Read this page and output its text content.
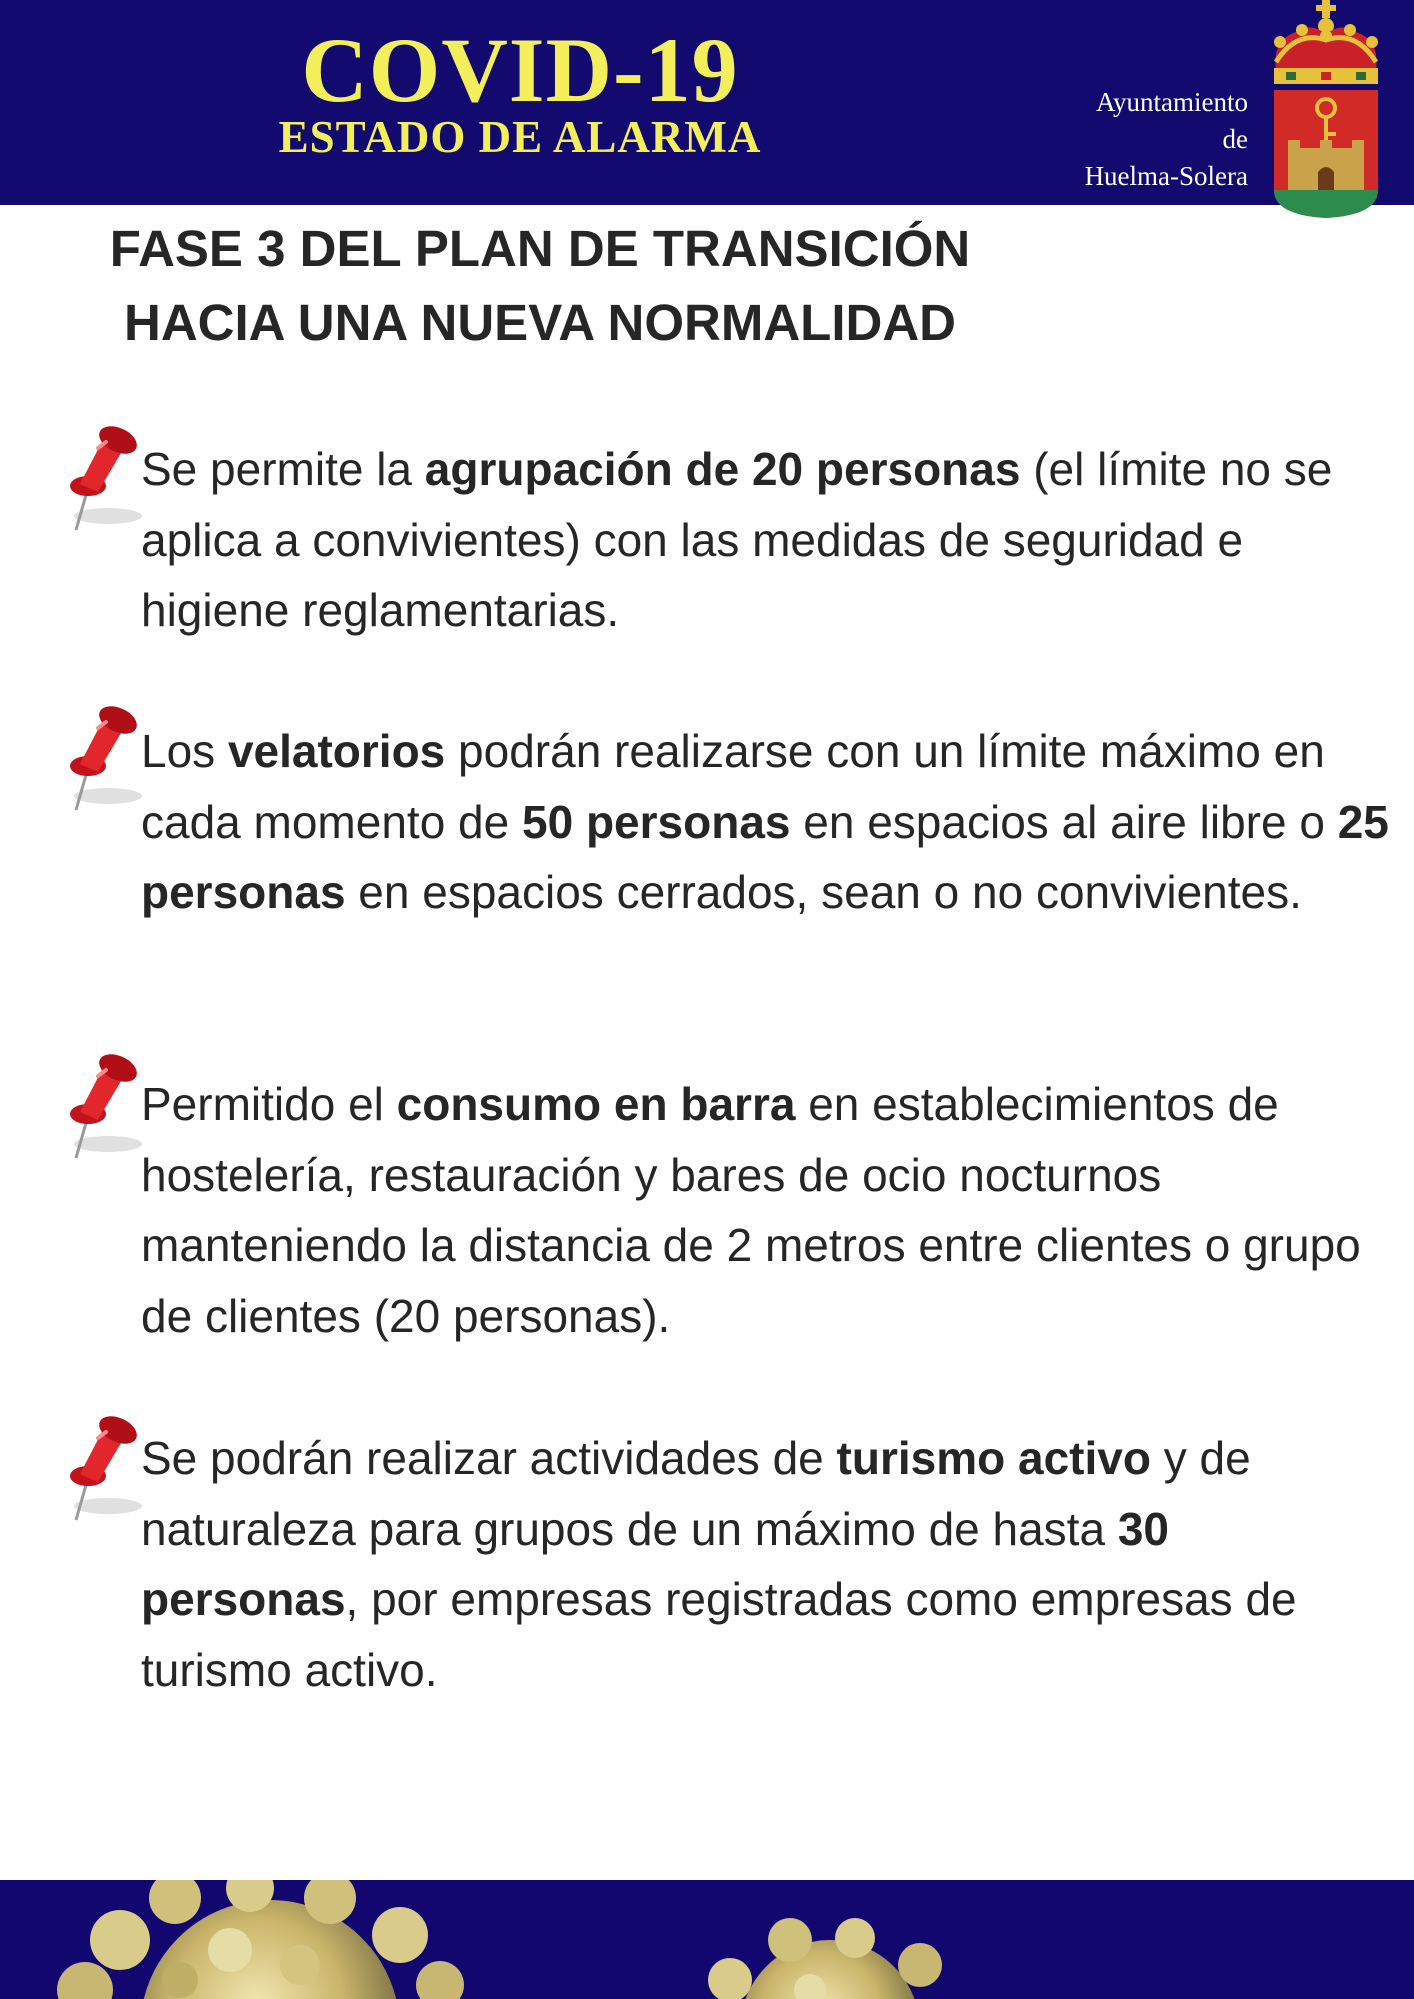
COVID-19
ESTADO DE ALARMA
Ayuntamiento
de
Huelma-Solera
FASE 3 DEL PLAN DE TRANSICIÓN
HACIA UNA NUEVA NORMALIDAD
Se permite la agrupación de 20 personas (el límite no se aplica a convivientes) con las medidas de seguridad e higiene reglamentarias.
Los velatorios podrán realizarse con un límite máximo en cada momento de 50 personas en espacios al aire libre o 25 personas en espacios cerrados, sean o no convivientes.
Permitido el consumo en barra en establecimientos de hostelería, restauración y bares de ocio nocturnos manteniendo la distancia de 2 metros entre clientes o grupo de clientes (20 personas).
Se podrán realizar actividades de turismo activo y de naturaleza para grupos de un máximo de hasta 30 personas, por empresas registradas como empresas de turismo activo.
